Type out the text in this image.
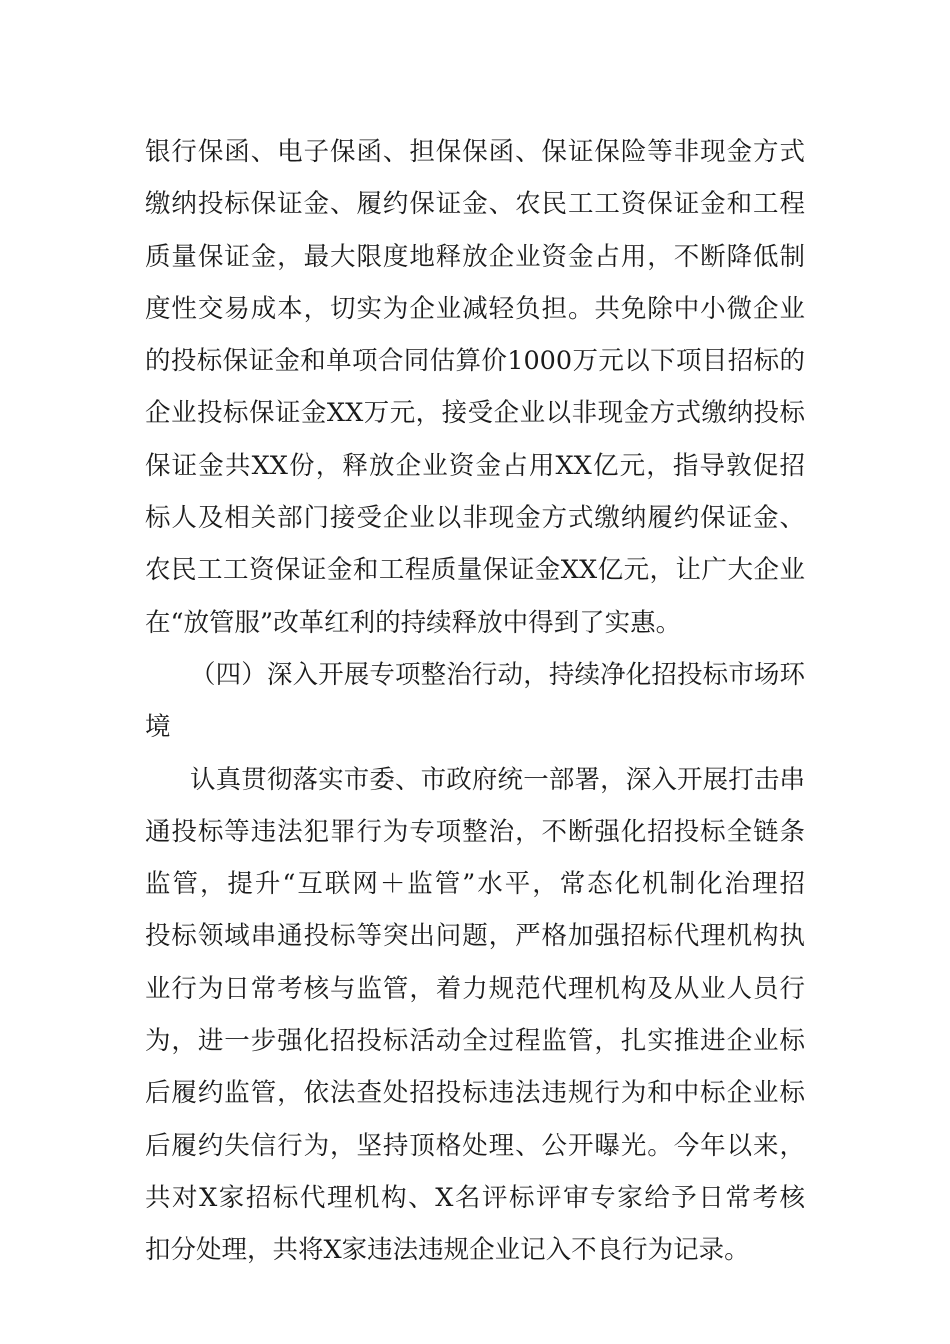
银行保函、电子保函、担保保函、保证保险等非现金方式
缴纳投标保证金、履约保证金、农民工工资保证金和工程
质量保证金，最大限度地释放企业资金占用，不断降低制
度性交易成本，切实为企业减轻负担。共免除中小微企业
的投标保证金和单项合同估算价1000万元以下项目招标的
企业投标保证金XX万元，接受企业以非现金方式缴纳投标
保证金共XX份，释放企业资金占用XX亿元，指导敦促招
标人及相关部门接受企业以非现金方式缴纳履约保证金、
农民工工资保证金和工程质量保证金XX亿元，让广大企业
在“放管服”改革红利的持续释放中得到了实惠。
（四）深入开展专项整治行动，持续净化招投标市场环
境
认真贯彻落实市委、市政府统一部署，深入开展打击串
通投标等违法犯罪行为专项整治，不断强化招投标全链条
监管，提升“互联网＋监管”水平，常态化机制化治理招
投标领域串通投标等突出问题，严格加强招标代理机构执
业行为日常考核与监管，着力规范代理机构及从业人员行
为，进一步强化招投标活动全过程监管，扎实推进企业标
后履约监管，依法查处招投标违法违规行为和中标企业标
后履约失信行为，坚持顶格处理、公开曝光。今年以来，
共对X家招标代理机构、X名评标评审专家给予日常考核
扣分处理，共将X家违法违规企业记入不良行为记录。
